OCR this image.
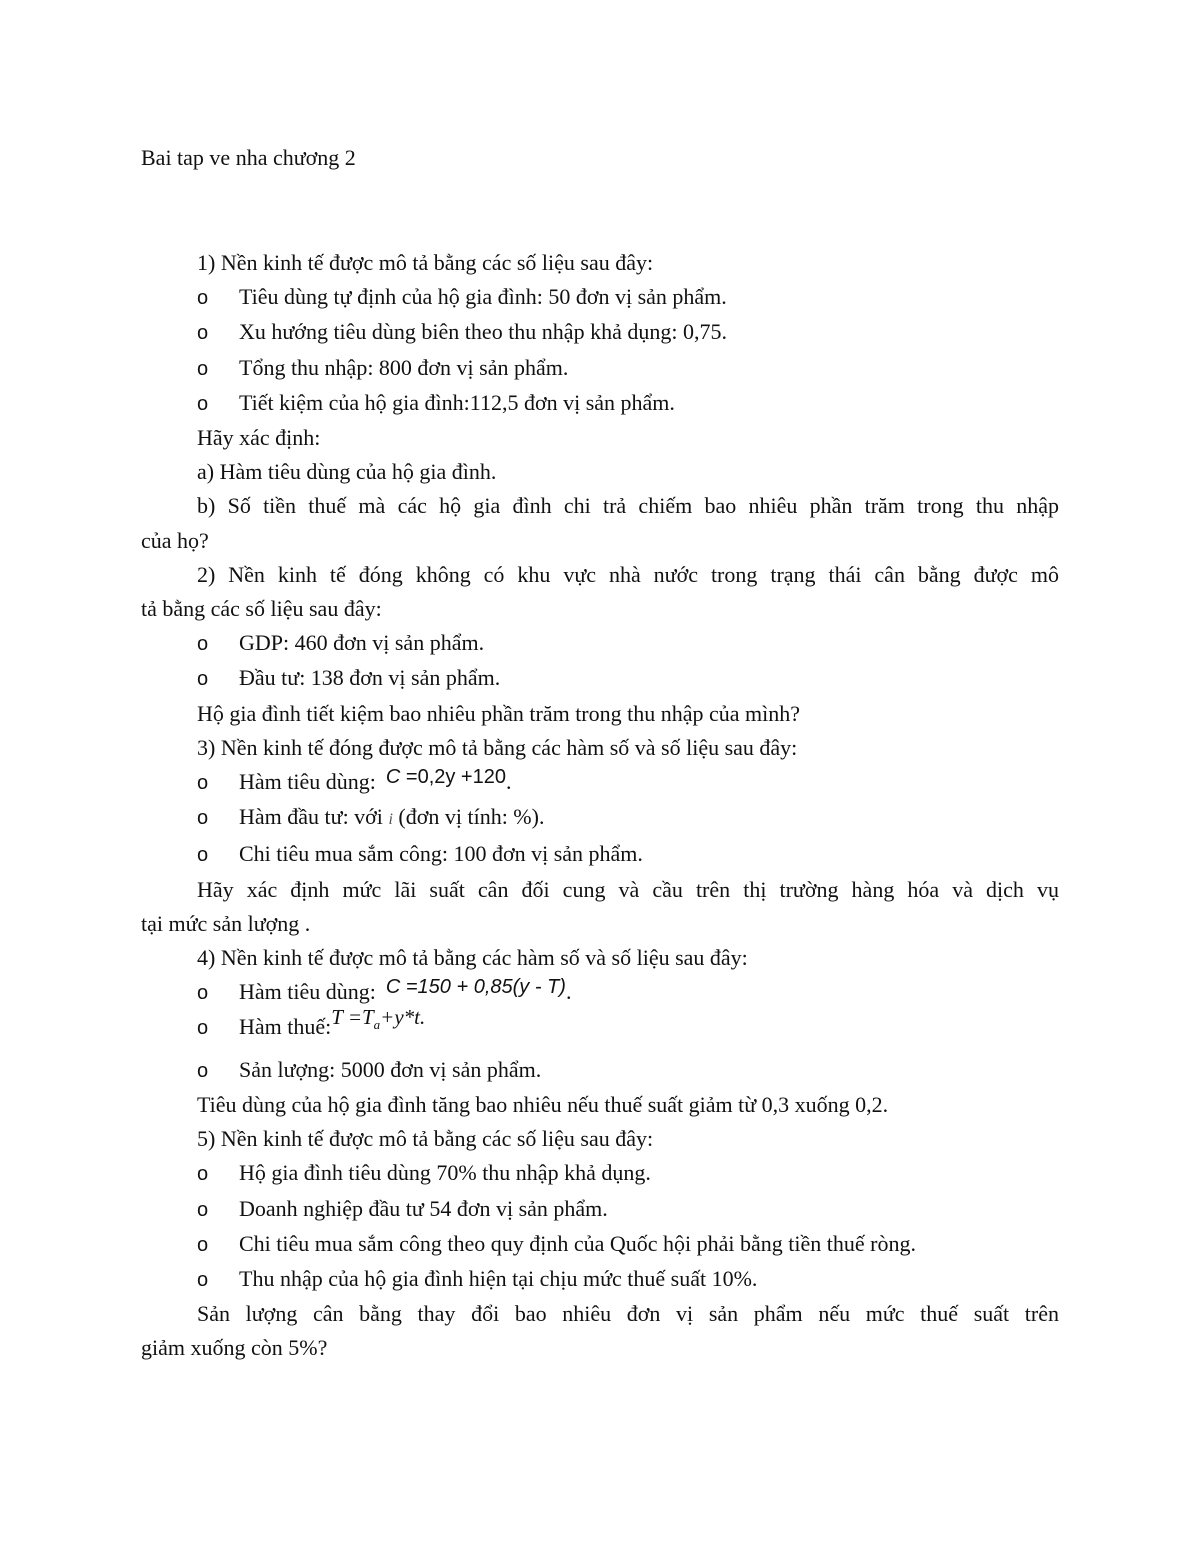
Bai tap ve nha chương 2
1) Nền kinh tế được mô tả bằng các số liệu sau đây:
o	Tiêu dùng tự định của hộ gia đình: 50 đơn vị sản phẩm.
o	Xu hướng tiêu dùng biên theo thu nhập khả dụng: 0,75.
o	Tổng thu nhập: 800 đơn vị sản phẩm.
o	Tiết kiệm của hộ gia đình:112,5 đơn vị sản phẩm.
Hãy xác định:
a) Hàm tiêu dùng của hộ gia đình.
b) Số tiền thuế mà các hộ gia đình chi trả chiếm bao nhiêu phần trăm trong thu nhập
của họ?
2) Nền kinh tế đóng không có khu vực nhà nước trong trạng thái cân bằng được mô
tả bằng các số liệu sau đây:
o	GDP: 460 đơn vị sản phẩm.
o	Đầu tư: 138 đơn vị sản phẩm.
Hộ gia đình tiết kiệm bao nhiêu phần trăm trong thu nhập của mình?
3) Nền kinh tế đóng được mô tả bằng các hàm số và số liệu sau đây:
o	Hàm tiêu dùng: C =0,2y +120 .
o	Hàm đầu tư: với
i
(đơn vị tính: %).
o	Chi tiêu mua sắm công: 100 đơn vị sản phẩm.
Hãy xác định mức lãi suất cân đối cung và cầu trên thị trường hàng hóa và dịch vụ
tại mức sản lượng .
4) Nền kinh tế được mô tả bằng các hàm số và số liệu sau đây:
o	Hàm tiêu dùng: C =150 + 0,85(y - T) .
o	Hàm thuế: $T =T_a+y*t$.
o	Sản lượng: 5000 đơn vị sản phẩm.
Tiêu dùng của hộ gia đình tăng bao nhiêu nếu thuế suất giảm từ 0,3 xuống 0,2.
5) Nền kinh tế được mô tả bằng các số liệu sau đây:
o	Hộ gia đình tiêu dùng 70% thu nhập khả dụng.
o	Doanh nghiệp đầu tư 54 đơn vị sản phẩm.
o	Chi tiêu mua sắm công theo quy định của Quốc hội phải bằng tiền thuế ròng.
o	Thu nhập của hộ gia đình hiện tại chịu mức thuế suất 10%.
Sản lượng cân bằng thay đổi bao nhiêu đơn vị sản phẩm nếu mức thuế suất trên
giảm xuống còn 5%?
